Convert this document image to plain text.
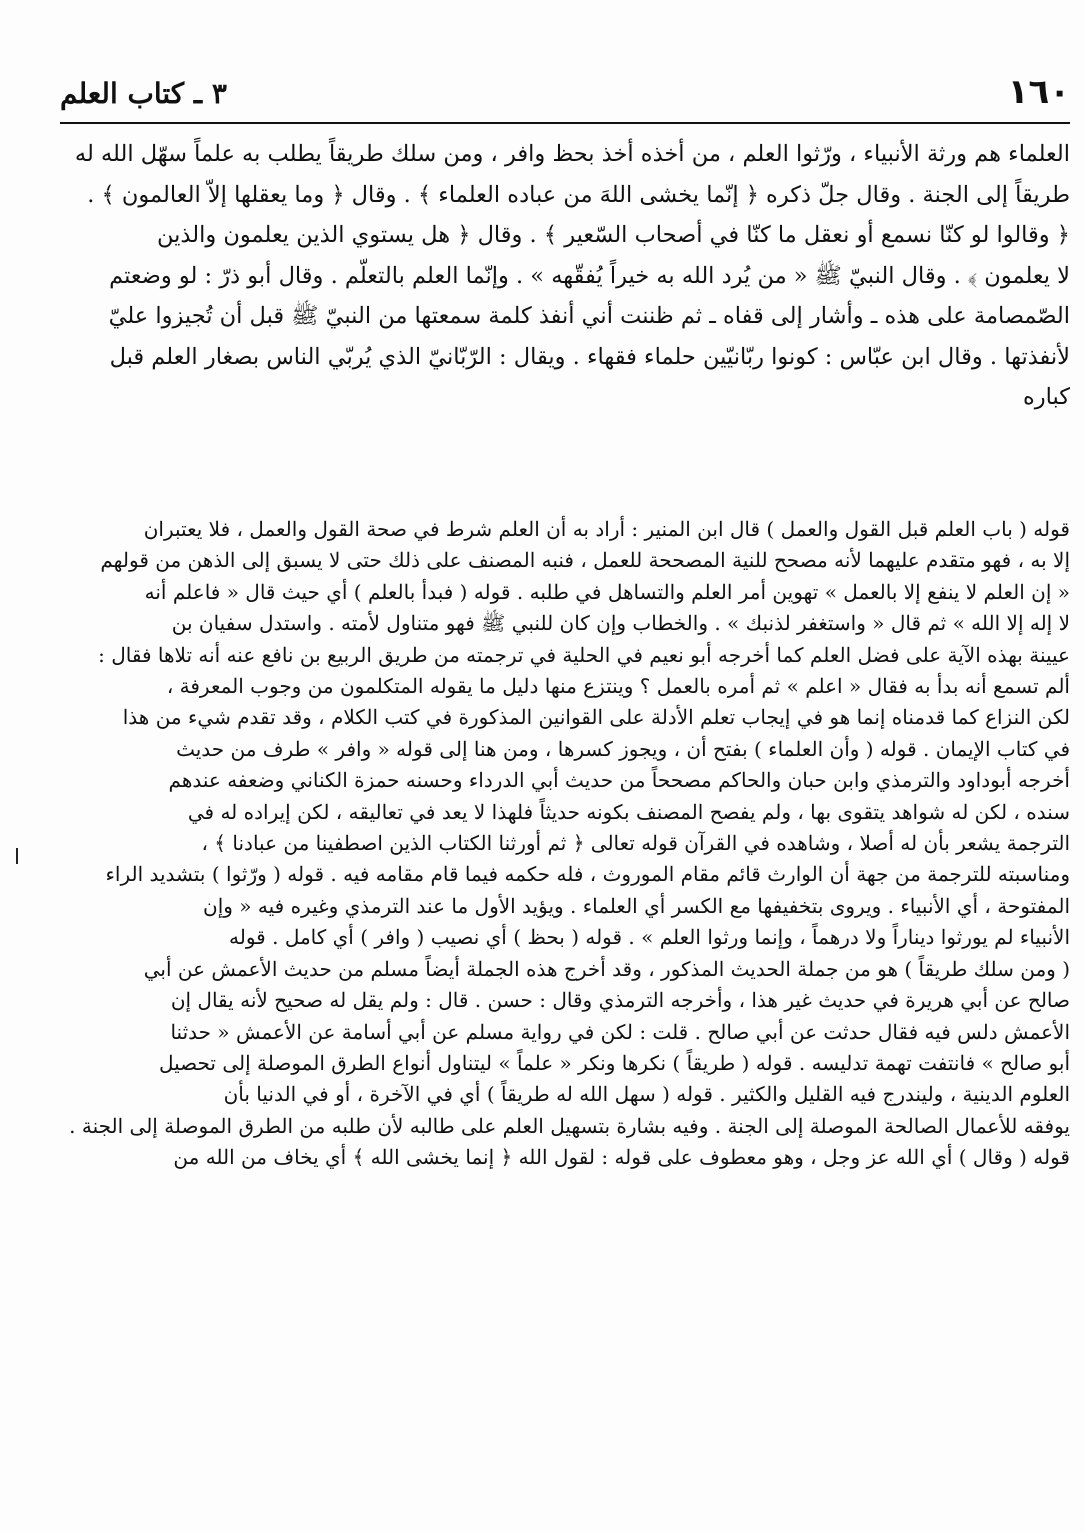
١٦٠
٣ ـ كتاب العلم
العلماء هم ورثة الأنبياء ، ورّثوا العلم ، من أخذه أخذ بحظ وافر ، ومن سلك طريقاً يطلب به علماً سهّل الله له
طريقاً إلى الجنة . وقال جلّ ذكره ﴿ إنّما يخشى اللهَ من عباده العلماء ﴾ . وقال ﴿ وما يعقلها إلاّ العالمون ﴾ .
﴿ وقالوا لو كنّا نسمع أو نعقل ما كنّا في أصحاب السّعير ﴾ . وقال ﴿ هل يستوي الذين يعلمون والذين
لا يعلمون ﴾ . وقال النبيّ ﷺ « من يُرد الله به خيراً يُفقّهه » . وإنّما العلم بالتعلّم . وقال أبو ذرّ : لو وضعتم
الصّمصامة على هذه ـ وأشار إلى قفاه ـ ثم ظننت أني أنفذ كلمة سمعتها من النبيّ ﷺ قبل أن تُجيزوا عليّ
لأنفذتها . وقال ابن عبّاس : كونوا ربّانيّين حلماء فقهاء . ويقال : الرّبّانيّ الذي يُربّي الناس بصغار العلم قبل
كباره
قوله ( باب العلم قبل القول والعمل ) قال ابن المنير : أراد به أن العلم شرط في صحة القول والعمل ، فلا يعتبران
إلا به ، فهو متقدم عليهما لأنه مصحح للنية المصححة للعمل ، فنبه المصنف على ذلك حتى لا يسبق إلى الذهن من قولهم
« إن العلم لا ينفع إلا بالعمل » تهوين أمر العلم والتساهل في طلبه . قوله ( فبدأ بالعلم ) أي حيث قال « فاعلم أنه
لا إله إلا الله » ثم قال « واستغفر لذنبك » . والخطاب وإن كان للنبي ﷺ فهو متناول لأمته . واستدل سفيان بن
عيينة بهذه الآية على فضل العلم كما أخرجه أبو نعيم في الحلية في ترجمته من طريق الربيع بن نافع عنه أنه تلاها فقال :
ألم تسمع أنه بدأ به فقال « اعلم » ثم أمره بالعمل ؟ وينتزع منها دليل ما يقوله المتكلمون من وجوب المعرفة ،
لكن النزاع كما قدمناه إنما هو في إيجاب تعلم الأدلة على القوانين المذكورة في كتب الكلام ، وقد تقدم شيء من هذا
في كتاب الإيمان . قوله ( وأن العلماء ) بفتح أن ، ويجوز كسرها ، ومن هنا إلى قوله « وافر » طرف من حديث
أخرجه أبوداود والترمذي وابن حبان والحاكم مصححاً من حديث أبي الدرداء وحسنه حمزة الكناني وضعفه عندهم
سنده ، لكن له شواهد يتقوى بها ، ولم يفصح المصنف بكونه حديثاً فلهذا لا يعد في تعاليقه ، لكن إيراده له في
الترجمة يشعر بأن له أصلا ، وشاهده في القرآن قوله تعالى ﴿ ثم أورثنا الكتاب الذين اصطفينا من عبادنا ﴾ ،
ومناسبته للترجمة من جهة أن الوارث قائم مقام الموروث ، فله حكمه فيما قام مقامه فيه . قوله ( ورّثوا ) بتشديد الراء
المفتوحة ، أي الأنبياء . ويروى بتخفيفها مع الكسر أي العلماء . ويؤيد الأول ما عند الترمذي وغيره فيه « وإن
الأنبياء لم يورثوا ديناراً ولا درهماً ، وإنما ورثوا العلم » . قوله ( بحظ ) أي نصيب ( وافر ) أي كامل . قوله
( ومن سلك طريقاً ) هو من جملة الحديث المذكور ، وقد أخرج هذه الجملة أيضاً مسلم من حديث الأعمش عن أبي
صالح عن أبي هريرة في حديث غير هذا ، وأخرجه الترمذي وقال : حسن . قال : ولم يقل له صحيح لأنه يقال إن
الأعمش دلس فيه فقال حدثت عن أبي صالح . قلت : لكن في رواية مسلم عن أبي أسامة عن الأعمش « حدثنا
أبو صالح » فانتفت تهمة تدليسه . قوله ( طريقاً ) نكرها ونكر « علماً » ليتناول أنواع الطرق الموصلة إلى تحصيل
العلوم الدينية ، وليندرج فيه القليل والكثير . قوله ( سهل الله له طريقاً ) أي في الآخرة ، أو في الدنيا بأن
يوفقه للأعمال الصالحة الموصلة إلى الجنة . وفيه بشارة بتسهيل العلم على طالبه لأن طلبه من الطرق الموصلة إلى الجنة .
قوله ( وقال ) أي الله عز وجل ، وهو معطوف على قوله : لقول الله ﴿ إنما يخشى الله ﴾ أي يخاف من الله من
